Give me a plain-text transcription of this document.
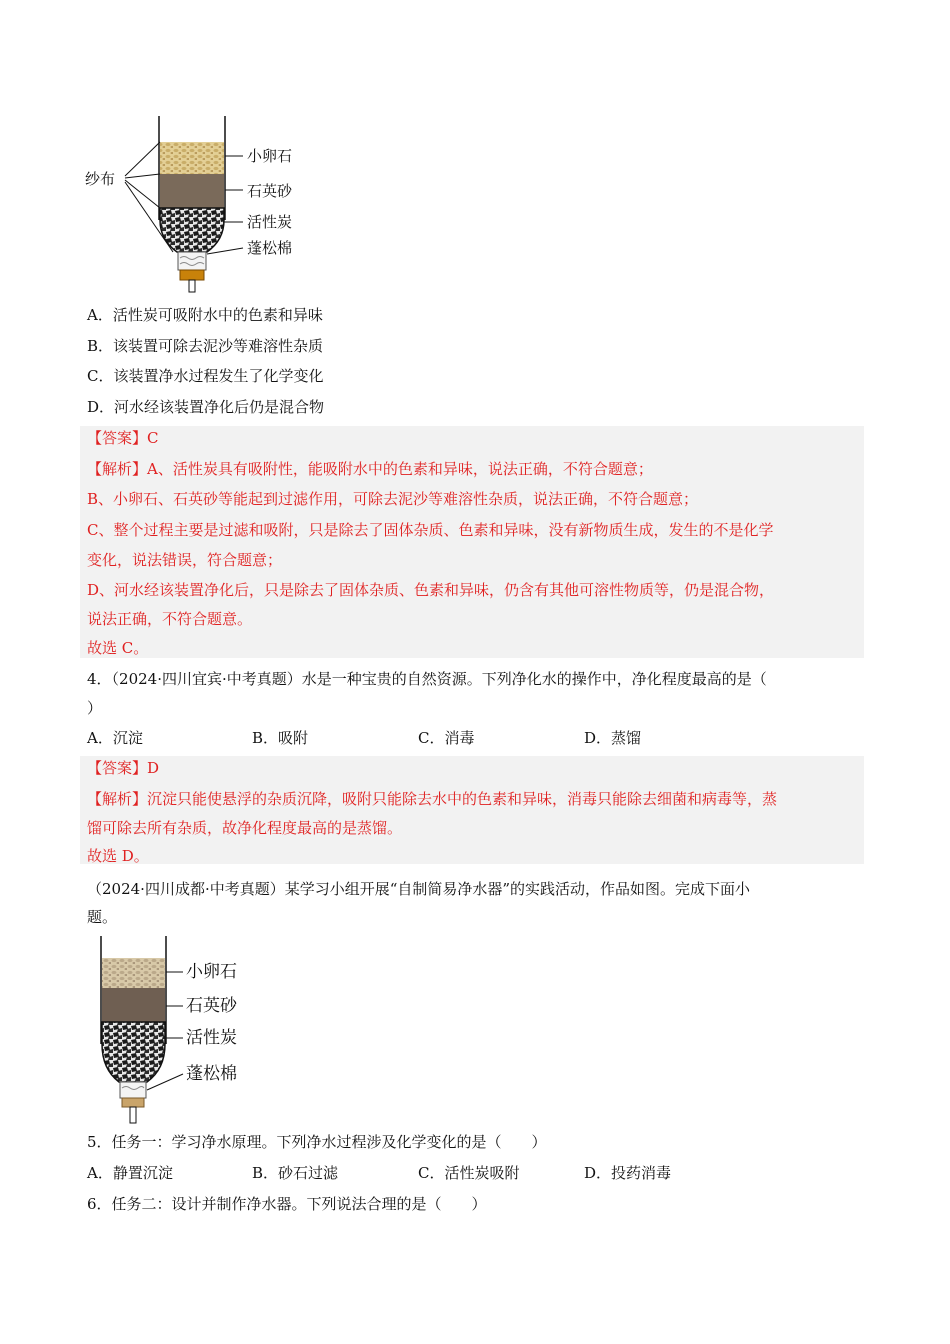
纱布
小卵石
石英砂
活性炭
蓬松棉
A．活性炭可吸附水中的色素和异味
B．该装置可除去泥沙等难溶性杂质
C．该装置净水过程发生了化学变化
D．河水经该装置净化后仍是混合物
【答案】C
【解析】A、活性炭具有吸附性，能吸附水中的色素和异味，说法正确，不符合题意；
B、小卵石、石英砂等能起到过滤作用，可除去泥沙等难溶性杂质，说法正确，不符合题意；
C、整个过程主要是过滤和吸附，只是除去了固体杂质、色素和异味，没有新物质生成，发生的不是化学
变化，说法错误，符合题意；
D、河水经该装置净化后，只是除去了固体杂质、色素和异味，仍含有其他可溶性物质等，仍是混合物，
说法正确，不符合题意。
故选 C。
4．（2024·四川宜宾·中考真题）水是一种宝贵的自然资源。下列净化水的操作中，净化程度最高的是（
）
A．沉淀	B．吸附	C．消毒	D．蒸馏
【答案】D
【解析】沉淀只能使悬浮的杂质沉降，吸附只能除去水中的色素和异味，消毒只能除去细菌和病毒等，蒸
馏可除去所有杂质，故净化程度最高的是蒸馏。
故选 D。
（2024·四川成都·中考真题）某学习小组开展“自制简易净水器”的实践活动，作品如图。完成下面小
题。
小卵石
石英砂
活性炭
蓬松棉
5．任务一：学习净水原理。下列净水过程涉及化学变化的是（　　）
A．静置沉淀	B．砂石过滤	C．活性炭吸附	D．投药消毒
6．任务二：设计并制作净水器。下列说法合理的是（　　）
